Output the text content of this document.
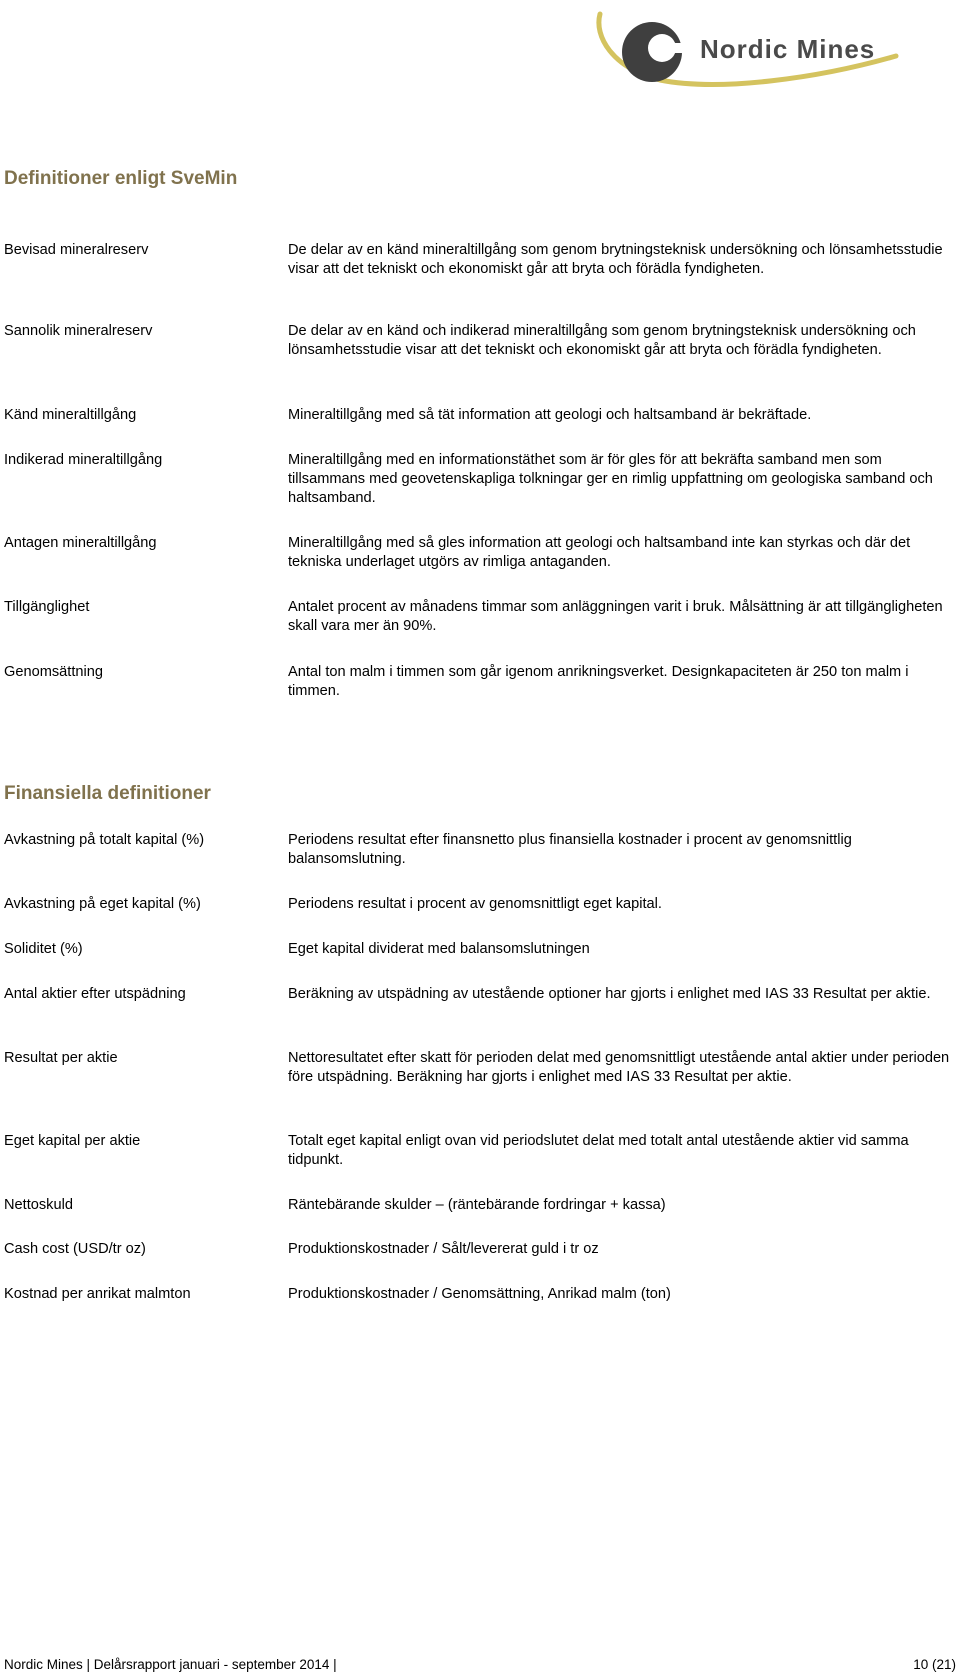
Nordic Mines
Definitioner enligt SveMin
Bevisad mineralreserv	De delar av en känd mineraltillgång som genom brytningsteknisk undersökning och lönsamhetsstudie visar att det tekniskt och ekonomiskt går att bryta och förädla fyndigheten.
Sannolik mineralreserv	De delar av en känd och indikerad mineraltillgång som genom brytningsteknisk undersökning och lönsamhetsstudie visar att det tekniskt och ekonomiskt går att bryta och förädla fyndigheten.
Känd mineraltillgång	Mineraltillgång med så tät information att geologi och haltsamband är bekräftade.
Indikerad mineraltillgång	Mineraltillgång med en informationstäthet som är för gles för att bekräfta samband men som tillsammans med geovetenskapliga tolkningar ger en rimlig uppfattning om geologiska samband och haltsamband.
Antagen mineraltillgång	Mineraltillgång med så gles information att geologi och haltsamband inte kan styrkas och där det tekniska underlaget utgörs av rimliga antaganden.
Tillgänglighet	Antalet procent av månadens timmar som anläggningen varit i bruk. Målsättning är att tillgängligheten skall vara mer än 90%.
Genomsättning	Antal ton malm i timmen som går igenom anrikningsverket. Designkapaciteten är 250 ton malm i timmen.
Finansiella definitioner
Avkastning på totalt kapital (%)	Periodens resultat efter finansnetto plus finansiella kostnader i procent av genomsnittlig balansomslutning.
Avkastning på eget kapital (%)	Periodens resultat i procent av genomsnittligt eget kapital.
Soliditet (%)	Eget kapital dividerat med balansomslutningen
Antal aktier efter utspädning	Beräkning av utspädning av utestående optioner har gjorts i enlighet med IAS 33 Resultat per aktie.
Resultat per aktie	Nettoresultatet efter skatt för perioden delat med genomsnittligt utestående antal aktier under perioden före utspädning. Beräkning har gjorts i enlighet med IAS 33 Resultat per aktie.
Eget kapital per aktie	Totalt eget kapital enligt ovan vid periodslutet delat med totalt antal utestående aktier vid samma tidpunkt.
Nettoskuld	Räntebärande skulder – (räntebärande fordringar + kassa)
Cash cost (USD/tr oz)	Produktionskostnader / Sålt/levererat guld i tr oz
Kostnad per anrikat malmton	Produktionskostnader / Genomsättning, Anrikad malm (ton)
Nordic Mines | Delårsrapport januari - september 2014 |	10 (21)
